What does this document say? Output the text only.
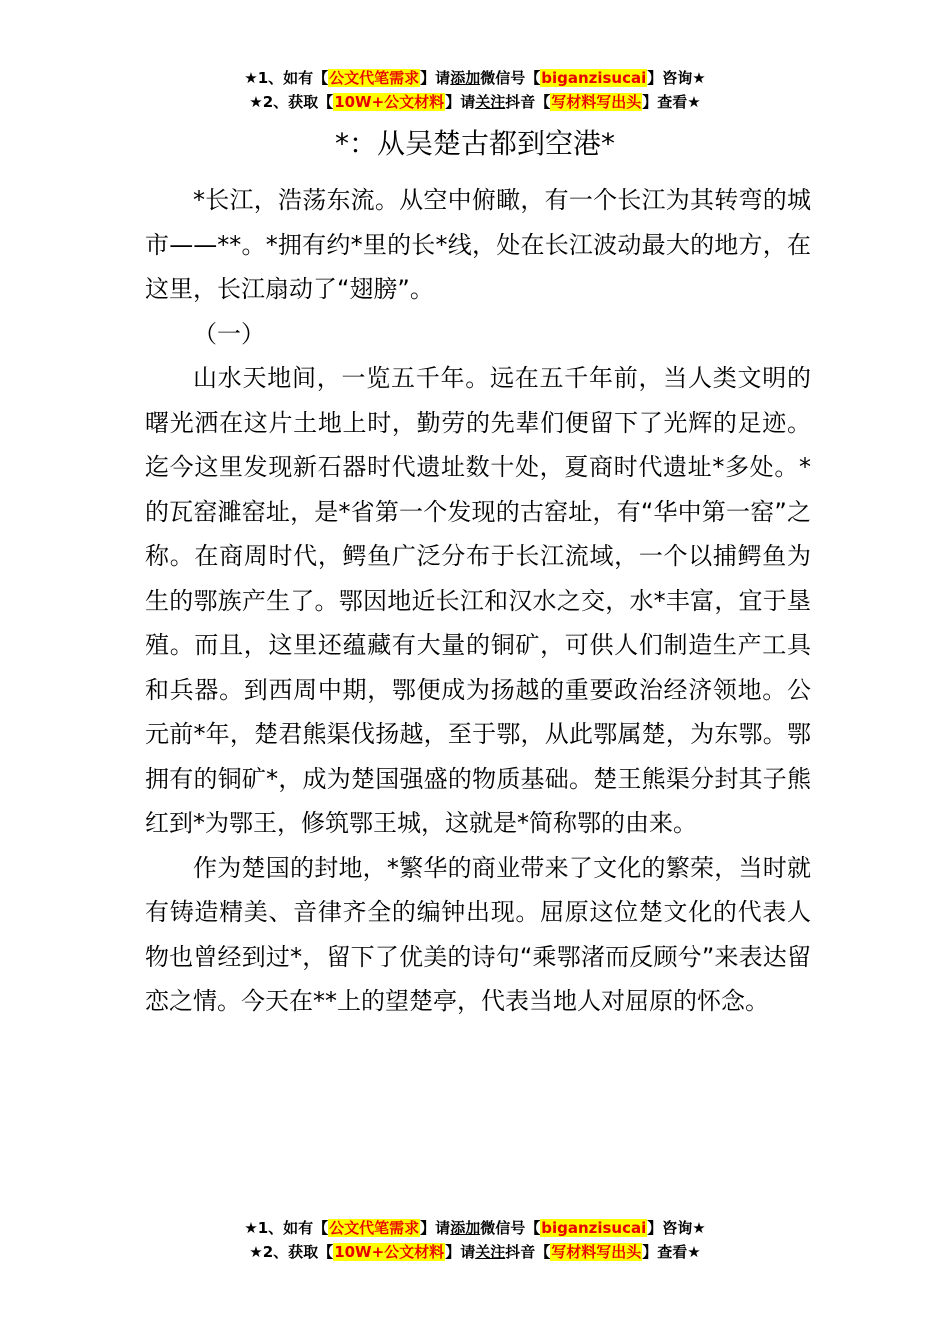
★1、如有【公文代笔需求】请添加微信号【biganzisucai】咨询★
★2、获取【10W+公文材料】请关注抖音【写材料写出头】查看★
*：从吴楚古都到空港*

*长江，浩荡东流。从空中俯瞰，有一个长江为其转弯的城市——**。*拥有约*里的长*线，处在长江波动最大的地方，在这里，长江扇动了“翅膀”。

（一）

山水天地间，一览五千年。远在五千年前，当人类文明的曙光洒在这片土地上时，勤劳的先辈们便留下了光辉的足迹。迄今这里发现新石器时代遗址数十处，夏商时代遗址*多处。*的瓦窑濉窑址，是*省第一个发现的古窑址，有“华中第一窑”之称。在商周时代，鳄鱼广泛分布于长江流域，一个以捕鳄鱼为生的鄂族产生了。鄂因地近长江和汉水之交，水*丰富，宜于垦殖。而且，这里还蕴藏有大量的铜矿，可供人们制造生产工具和兵器。到西周中期，鄂便成为扬越的重要政治经济领地。公元前*年，楚君熊渠伐扬越，至于鄂，从此鄂属楚，为东鄂。鄂拥有的铜矿*，成为楚国强盛的物质基础。楚王熊渠分封其子熊红到*为鄂王，修筑鄂王城，这就是*简称鄂的由来。

作为楚国的封地，*繁华的商业带来了文化的繁荣，当时就有铸造精美、音律齐全的编钟出现。屈原这位楚文化的代表人物也曾经到过*，留下了优美的诗句“乘鄂渚而反顾兮”来表达留恋之情。今天在**上的望楚亭，代表当地人对屈原的怀念。

★1、如有【公文代笔需求】请添加微信号【biganzisucai】咨询★
★2、获取【10W+公文材料】请关注抖音【写材料写出头】查看★
